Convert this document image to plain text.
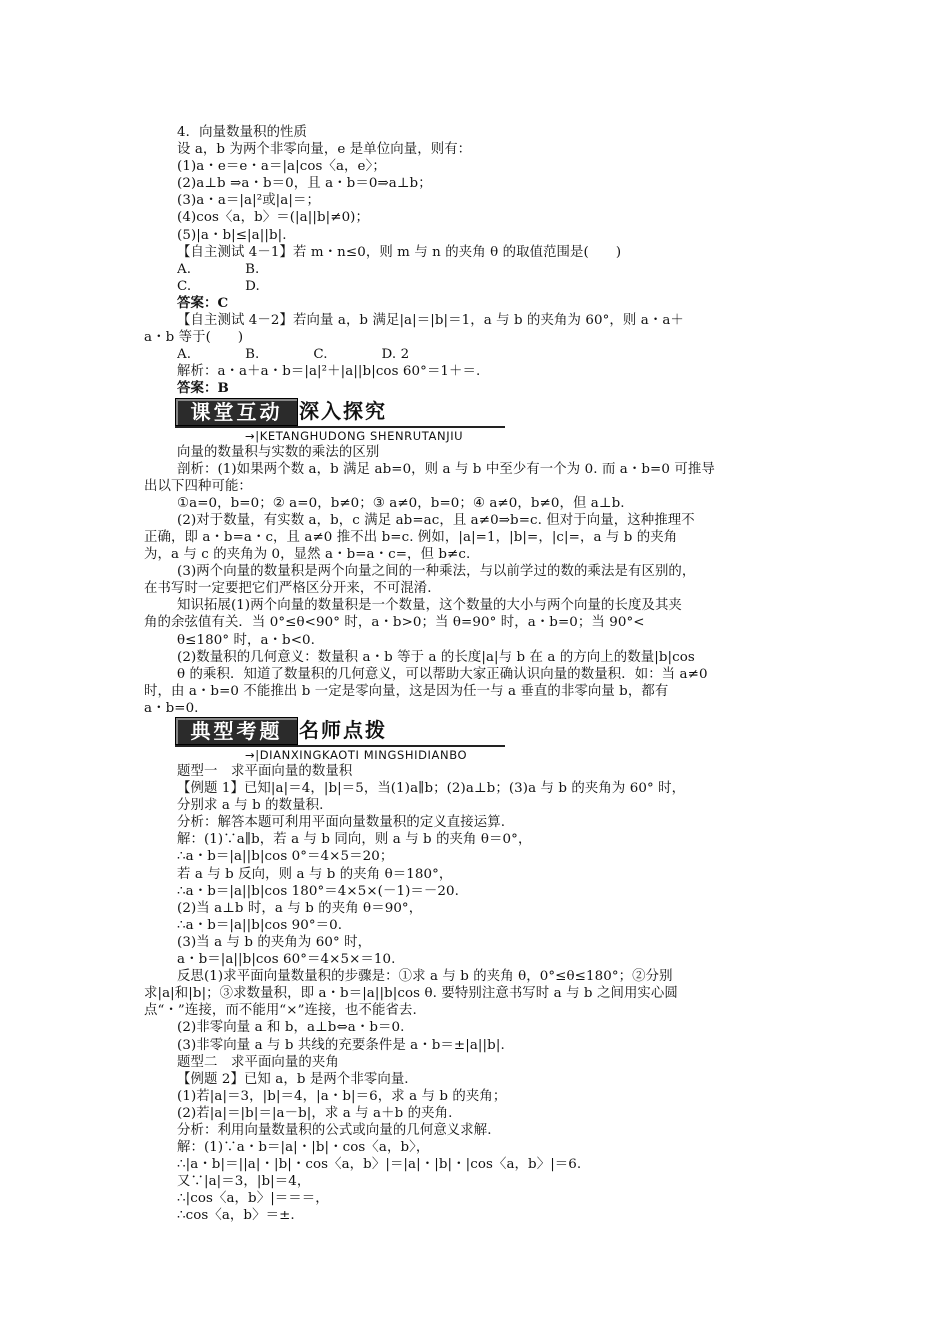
4．向量数量积的性质
设 a，b 为两个非零向量，e 是单位向量，则有：
(1)a・e＝e・a＝|a|cos〈a，e〉；
(2)a⊥b ⇒a・b＝0，且 a・b＝0⇒a⊥b；
(3)a・a＝|a|²或|a|＝；
(4)cos〈a，b〉＝(|a||b|≠0)；
(5)|a・b|≤|a||b|.
【自主测试 4－1】若 m・n≤0，则 m 与 n 的夹角 θ 的取值范围是(　　)
A.　　　　B.
C.　　　　D.
答案：C
【自主测试 4－2】若向量 a，b 满足|a|＝|b|＝1，a 与 b 的夹角为 60°，则 a・a＋
a・b 等于(　　)
A.　　　　B.　　　　C.　　　　D. 2
解析：a・a＋a・b＝|a|²＋|a||b|cos 60°＝1＋＝.
答案：B
课堂互动 深入探究
→|KETANGHUDONG SHENRUTANJIU
向量的数量积与实数的乘法的区别
剖析：(1)如果两个数 a，b 满足 ab=0，则 a 与 b 中至少有一个为 0. 而 a・b=0 可推导
出以下四种可能：
①a=0，b=0；② a=0，b≠0；③ a≠0，b=0；④ a≠0，b≠0，但 a⊥b.
(2)对于数量，有实数 a，b，c 满足 ab=ac，且 a≠0⇒b=c. 但对于向量，这种推理不
正确，即 a・b=a・c，且 a≠0 推不出 b=c. 例如，|a|=1，|b|=，|c|=，a 与 b 的夹角
为，a 与 c 的夹角为 0，显然 a・b=a・c=，但 b≠c.
(3)两个向量的数量积是两个向量之间的一种乘法，与以前学过的数的乘法是有区别的，
在书写时一定要把它们严格区分开来，不可混淆.
知识拓展(1)两个向量的数量积是一个数量，这个数量的大小与两个向量的长度及其夹
角的余弦值有关．当 0°≤θ<90° 时，a・b>0；当 θ=90° 时，a・b=0；当 90°<
θ≤180° 时，a・b<0.
(2)数量积的几何意义：数量积 a・b 等于 a 的长度|a|与 b 在 a 的方向上的数量|b|cos
θ 的乘积．知道了数量积的几何意义，可以帮助大家正确认识向量的数量积．如：当 a≠0
时，由 a・b=0 不能推出 b 一定是零向量，这是因为任一与 a 垂直的非零向量 b，都有
a・b=0.
典型考题 名师点拨
→|DIANXINGKAOTI MINGSHIDIANBO
题型一　求平面向量的数量积
【例题 1】已知|a|＝4，|b|＝5，当(1)a∥b；(2)a⊥b；(3)a 与 b 的夹角为 60° 时，
分别求 a 与 b 的数量积.
分析：解答本题可利用平面向量数量积的定义直接运算.
解：(1)∵a∥b，若 a 与 b 同向，则 a 与 b 的夹角 θ＝0°，
∴a・b＝|a||b|cos 0°＝4×5＝20；
若 a 与 b 反向，则 a 与 b 的夹角 θ＝180°，
∴a・b＝|a||b|cos 180°＝4×5×(－1)＝－20.
(2)当 a⊥b 时，a 与 b 的夹角 θ＝90°，
∴a・b＝|a||b|cos 90°＝0.
(3)当 a 与 b 的夹角为 60° 时，
a・b＝|a||b|cos 60°＝4×5×＝10.
反思(1)求平面向量数量积的步骤是：①求 a 与 b 的夹角 θ，0°≤θ≤180°；②分别
求|a|和|b|；③求数量积，即 a・b＝|a||b|cos θ. 要特别注意书写时 a 与 b 之间用实心圆
点“・”连接，而不能用“×”连接，也不能省去.
(2)非零向量 a 和 b，a⊥b⇔a・b＝0.
(3)非零向量 a 与 b 共线的充要条件是 a・b＝±|a||b|.
题型二　求平面向量的夹角
【例题 2】已知 a，b 是两个非零向量.
(1)若|a|＝3，|b|＝4，|a・b|＝6，求 a 与 b 的夹角；
(2)若|a|＝|b|＝|a－b|，求 a 与 a＋b 的夹角.
分析：利用向量数量积的公式或向量的几何意义求解.
解：(1)∵a・b＝|a|・|b|・cos〈a，b〉，
∴|a・b|＝||a|・|b|・cos〈a，b〉|＝|a|・|b|・|cos〈a，b〉|＝6.
又∵|a|＝3，|b|＝4，
∴|cos〈a，b〉|＝＝＝，
∴cos〈a，b〉＝±.
